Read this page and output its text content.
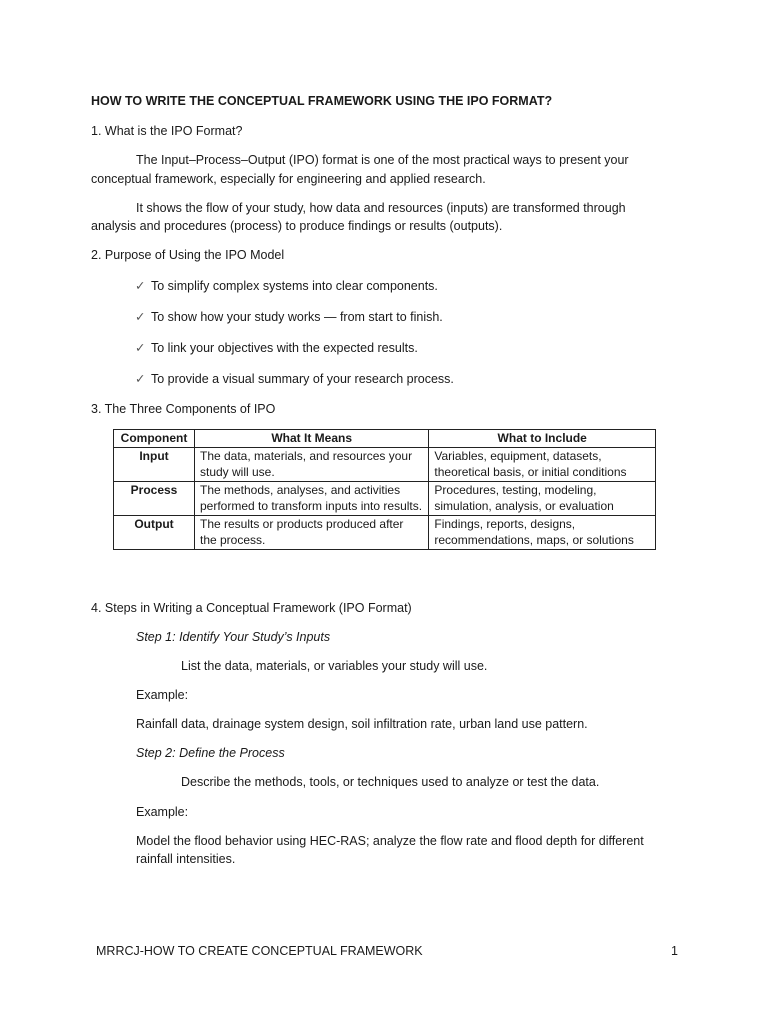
HOW TO WRITE THE CONCEPTUAL FRAMEWORK USING THE IPO FORMAT?
1. What is the IPO Format?
The Input–Process–Output (IPO) format is one of the most practical ways to present your
conceptual framework, especially for engineering and applied research.
It shows the flow of your study, how data and resources (inputs) are transformed through
analysis and procedures (process) to produce findings or results (outputs).
2. Purpose of Using the IPO Model
✓ To simplify complex systems into clear components.
✓ To show how your study works — from start to finish.
✓ To link your objectives with the expected results.
✓ To provide a visual summary of your research process.
3. The Three Components of IPO
Component	What It Means	What to Include
Input	The data, materials, and resources your study will use.	Variables, equipment, datasets, theoretical basis, or initial conditions
Process	The methods, analyses, and activities performed to transform inputs into results.	Procedures, testing, modeling, simulation, analysis, or evaluation
Output	The results or products produced after the process.	Findings, reports, designs, recommendations, maps, or solutions
4. Steps in Writing a Conceptual Framework (IPO Format)
Step 1: Identify Your Study’s Inputs
List the data, materials, or variables your study will use.
Example:
Rainfall data, drainage system design, soil infiltration rate, urban land use pattern.
Step 2: Define the Process
Describe the methods, tools, or techniques used to analyze or test the data.
Example:
Model the flood behavior using HEC-RAS; analyze the flow rate and flood depth for different
rainfall intensities.
MRRCJ-HOW TO CREATE CONCEPTUAL FRAMEWORK	1
